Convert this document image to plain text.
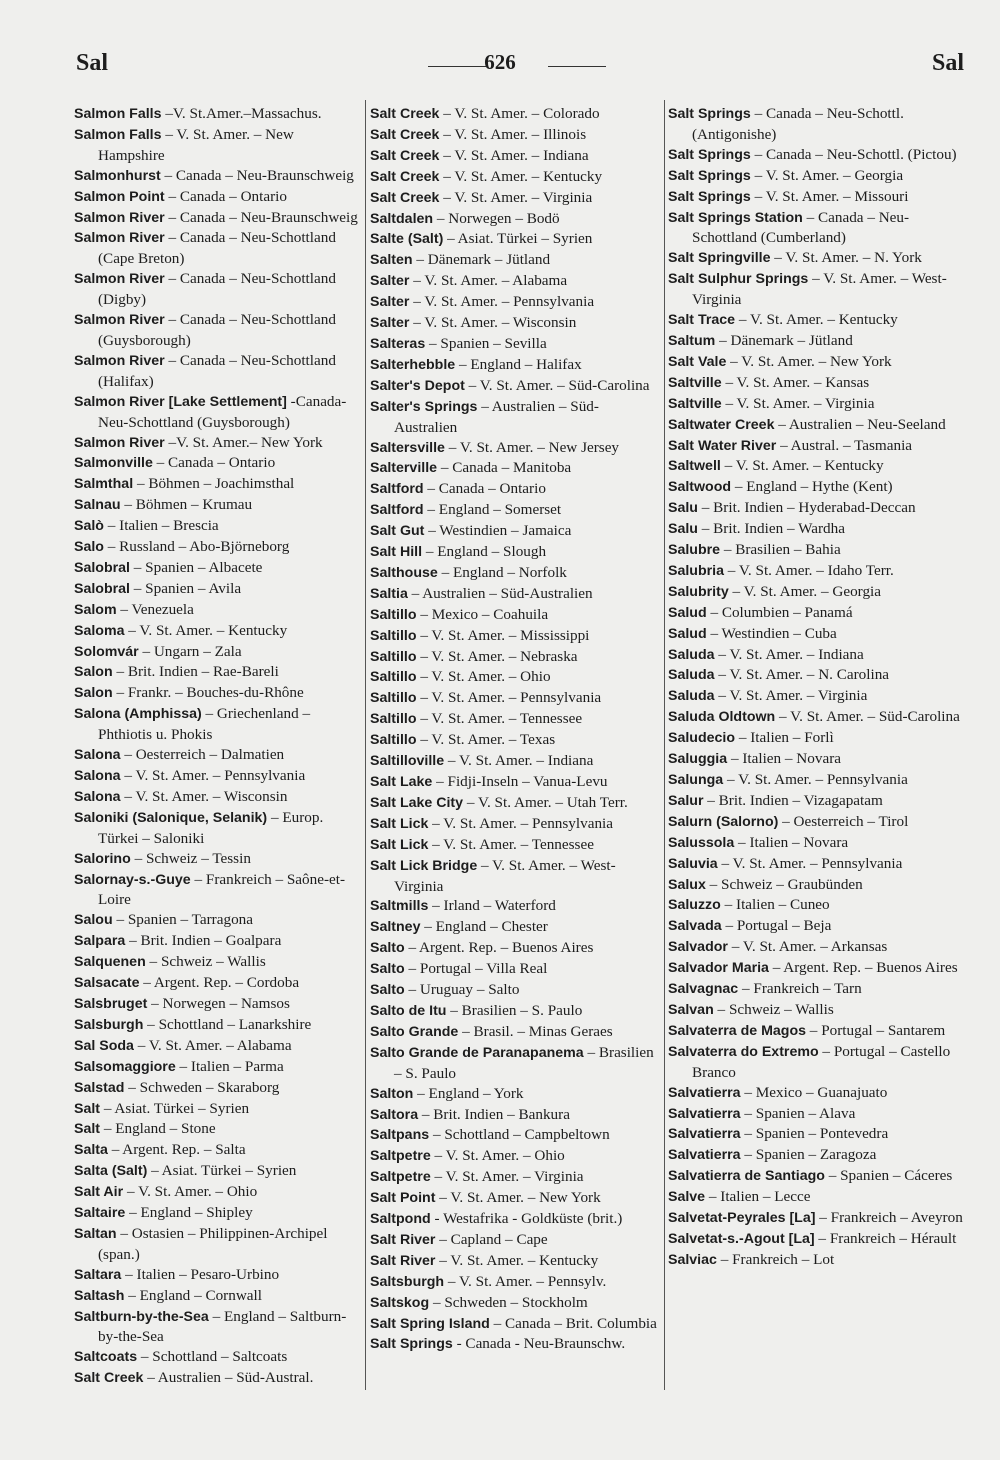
Sal	626	Sal
Salmon Falls –V. St.Amer.–Massachus.
Salmon Falls – V. St. Amer. – New Hampshire
Salmonhurst – Canada – Neu-Braunschweig
Salmon Point – Canada – Ontario
Salmon River – Canada – Neu-Braunschweig
Salmon River – Canada – Neu-Schottland (Cape Breton)
Salmon River – Canada – Neu-Schottland (Digby)
Salmon River – Canada – Neu-Schottland (Guysborough)
Salmon River – Canada – Neu-Schottland (Halifax)
Salmon River [Lake Settlement] -Canada-Neu-Schottland (Guysborough)
Salmon River –V. St. Amer.– New York
Salmonville – Canada – Ontario
Salmthal – Böhmen – Joachimsthal
Salnau – Böhmen – Krumau
Salò – Italien – Brescia
Salo – Russland – Abo-Björneborg
Salobral – Spanien – Albacete
Salobral – Spanien – Avila
Salom – Venezuela
Saloma – V. St. Amer. – Kentucky
Solomvár – Ungarn – Zala
Salon – Brit. Indien – Rae-Bareli
Salon – Frankr. – Bouches-du-Rhône
Salona (Amphissa) – Griechenland – Phthiotis u. Phokis
Salona – Oesterreich – Dalmatien
Salona – V. St. Amer. – Pennsylvania
Salona – V. St. Amer. – Wisconsin
Saloniki (Salonique, Selanik) – Europ. Türkei – Saloniki
Salorino – Schweiz – Tessin
Salornay-s.-Guye – Frankreich – Saône-et-Loire
Salou – Spanien – Tarragona
Salpara – Brit. Indien – Goalpara
Salquenen – Schweiz – Wallis
Salsacate – Argent. Rep. – Cordoba
Salsbruget – Norwegen – Namsos
Salsburgh – Schottland – Lanarkshire
Sal Soda – V. St. Amer. – Alabama
Salsomaggiore – Italien – Parma
Salstad – Schweden – Skaraborg
Salt – Asiat. Türkei – Syrien
Salt – England – Stone
Salta – Argent. Rep. – Salta
Salta (Salt) – Asiat. Türkei – Syrien
Salt Air – V. St. Amer. – Ohio
Saltaire – England – Shipley
Saltan – Ostasien – Philippinen-Archipel (span.)
Saltara – Italien – Pesaro-Urbino
Saltash – England – Cornwall
Saltburn-by-the-Sea – England – Saltburn-by-the-Sea
Saltcoats – Schottland – Saltcoats
Salt Creek – Australien – Süd-Austral.
Salt Creek – V. St. Amer. – Colorado
Salt Creek – V. St. Amer. – Illinois
Salt Creek – V. St. Amer. – Indiana
Salt Creek – V. St. Amer. – Kentucky
Salt Creek – V. St. Amer. – Virginia
Saltdalen – Norwegen – Bodö
Salte (Salt) – Asiat. Türkei – Syrien
Salten – Dänemark – Jütland
Salter – V. St. Amer. – Alabama
Salter – V. St. Amer. – Pennsylvania
Salter – V. St. Amer. – Wisconsin
Salteras – Spanien – Sevilla
Salterhebble – England – Halifax
Salter's Depot – V. St. Amer. – Süd-Carolina
Salter's Springs – Australien – Süd-Australien
Saltersville – V. St. Amer. – New Jersey
Salterville – Canada – Manitoba
Saltford – Canada – Ontario
Saltford – England – Somerset
Salt Gut – Westindien – Jamaica
Salt Hill – England – Slough
Salthouse – England – Norfolk
Saltia – Australien – Süd-Australien
Saltillo – Mexico – Coahuila
Saltillo – V. St. Amer. – Mississippi
Saltillo – V. St. Amer. – Nebraska
Saltillo – V. St. Amer. – Ohio
Saltillo – V. St. Amer. – Pennsylvania
Saltillo – V. St. Amer. – Tennessee
Saltillo – V. St. Amer. – Texas
Saltilloville – V. St. Amer. – Indiana
Salt Lake – Fidji-Inseln – Vanua-Levu
Salt Lake City – V. St. Amer. – Utah Terr.
Salt Lick – V. St. Amer. – Pennsylvania
Salt Lick – V. St. Amer. – Tennessee
Salt Lick Bridge – V. St. Amer. – West-Virginia
Saltmills – Irland – Waterford
Saltney – England – Chester
Salto – Argent. Rep. – Buenos Aires
Salto – Portugal – Villa Real
Salto – Uruguay – Salto
Salto de Itu – Brasilien – S. Paulo
Salto Grande – Brasil. – Minas Geraes
Salto Grande de Paranapanema – Brasilien – S. Paulo
Salton – England – York
Saltora – Brit. Indien – Bankura
Saltpans – Schottland – Campbeltown
Saltpetre – V. St. Amer. – Ohio
Saltpetre – V. St. Amer. – Virginia
Salt Point – V. St. Amer. – New York
Saltpond - Westafrika - Goldküste (brit.)
Salt River – Capland – Cape
Salt River – V. St. Amer. – Kentucky
Saltsburgh – V. St. Amer. – Pennsylv.
Saltskog – Schweden – Stockholm
Salt Spring Island – Canada – Brit. Columbia
Salt Springs - Canada - Neu-Braunschw.
Salt Springs – Canada – Neu-Schottl. (Antigonishe)
Salt Springs – Canada – Neu-Schottl. (Pictou)
Salt Springs – V. St. Amer. – Georgia
Salt Springs – V. St. Amer. – Missouri
Salt Springs Station – Canada – Neu-Schottland (Cumberland)
Salt Springville – V. St. Amer. – N. York
Salt Sulphur Springs – V. St. Amer. – West-Virginia
Salt Trace – V. St. Amer. – Kentucky
Saltum – Dänemark – Jütland
Salt Vale – V. St. Amer. – New York
Saltville – V. St. Amer. – Kansas
Saltville – V. St. Amer. – Virginia
Saltwater Creek – Australien – Neu-Seeland
Salt Water River – Austral. – Tasmania
Saltwell – V. St. Amer. – Kentucky
Saltwood – England – Hythe (Kent)
Salu – Brit. Indien – Hyderabad-Deccan
Salu – Brit. Indien – Wardha
Salubre – Brasilien – Bahia
Salubria – V. St. Amer. – Idaho Terr.
Salubrity – V. St. Amer. – Georgia
Salud – Columbien – Panamá
Salud – Westindien – Cuba
Saluda – V. St. Amer. – Indiana
Saluda – V. St. Amer. – N. Carolina
Saluda – V. St. Amer. – Virginia
Saluda Oldtown – V. St. Amer. – Süd-Carolina
Saludecio – Italien – Forlì
Saluggia – Italien – Novara
Salunga – V. St. Amer. – Pennsylvania
Salur – Brit. Indien – Vizagapatam
Salurn (Salorno) – Oesterreich – Tirol
Salussola – Italien – Novara
Saluvia – V. St. Amer. – Pennsylvania
Salux – Schweiz – Graubünden
Saluzzo – Italien – Cuneo
Salvada – Portugal – Beja
Salvador – V. St. Amer. – Arkansas
Salvador Maria – Argent. Rep. – Buenos Aires
Salvagnac – Frankreich – Tarn
Salvan – Schweiz – Wallis
Salvaterra de Magos – Portugal – Santarem
Salvaterra do Extremo – Portugal – Castello Branco
Salvatierra – Mexico – Guanajuato
Salvatierra – Spanien – Alava
Salvatierra – Spanien – Pontevedra
Salvatierra – Spanien – Zaragoza
Salvatierra de Santiago – Spanien – Cáceres
Salve – Italien – Lecce
Salvetat-Peyrales [La] – Frankreich – Aveyron
Salvetat-s.-Agout [La] – Frankreich – Hérault
Salviac – Frankreich – Lot
